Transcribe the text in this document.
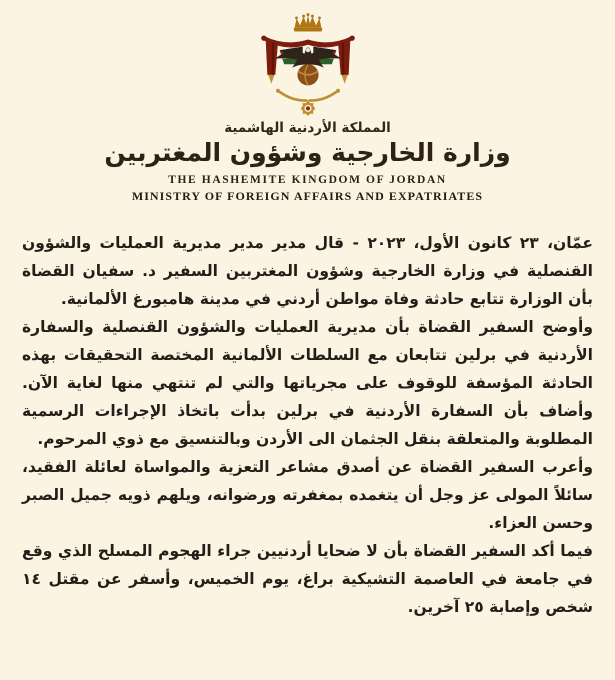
المملكة الأردنية الهاشمية
وزارة الخارجية وشؤون المغتربين
THE HASHEMITE KINGDOM OF JORDAN
MINISTRY OF FOREIGN AFFAIRS AND EXPATRIATES

عمّان، ٢٣ كانون الأول، ٢٠٢٣ - قال مدير مدير مديرية العمليات والشؤون القنصلية في وزارة الخارجية وشؤون المغتربين السفير د. سفيان القضاة بأن الوزارة تتابع حادثة وفاة مواطن أردني في مدينة هامبورغ الألمانية.

وأوضح السفير القضاة بأن مديرية العمليات والشؤون القنصلية والسفارة الأردنية في برلين تتابعان مع السلطات الألمانية المختصة التحقيقات بهذه الحادثة المؤسفة للوقوف على مجرياتها والتي لم تنتهي منها لغاية الآن. وأضاف بأن السفارة الأردنية في برلين بدأت باتخاذ الإجراءات الرسمية المطلوبة والمتعلقة بنقل الجثمان الى الأردن وبالتنسيق مع ذوي المرحوم.

وأعرب السفير القضاة عن أصدق مشاعر التعزية والمواساة لعائلة الفقيد، سائلاً المولى عز وجل أن يتغمده بمغفرته ورضوانه، ويلهم ذويه جميل الصبر وحسن العزاء.

فيما أكد السفير القضاة بأن لا ضحايا أردنيين جراء الهجوم المسلح الذي وقع في جامعة في العاصمة التشيكية براغ، يوم الخميس، وأسفر عن مقتل ١٤ شخص وإصابة ٢٥ آخرين.
